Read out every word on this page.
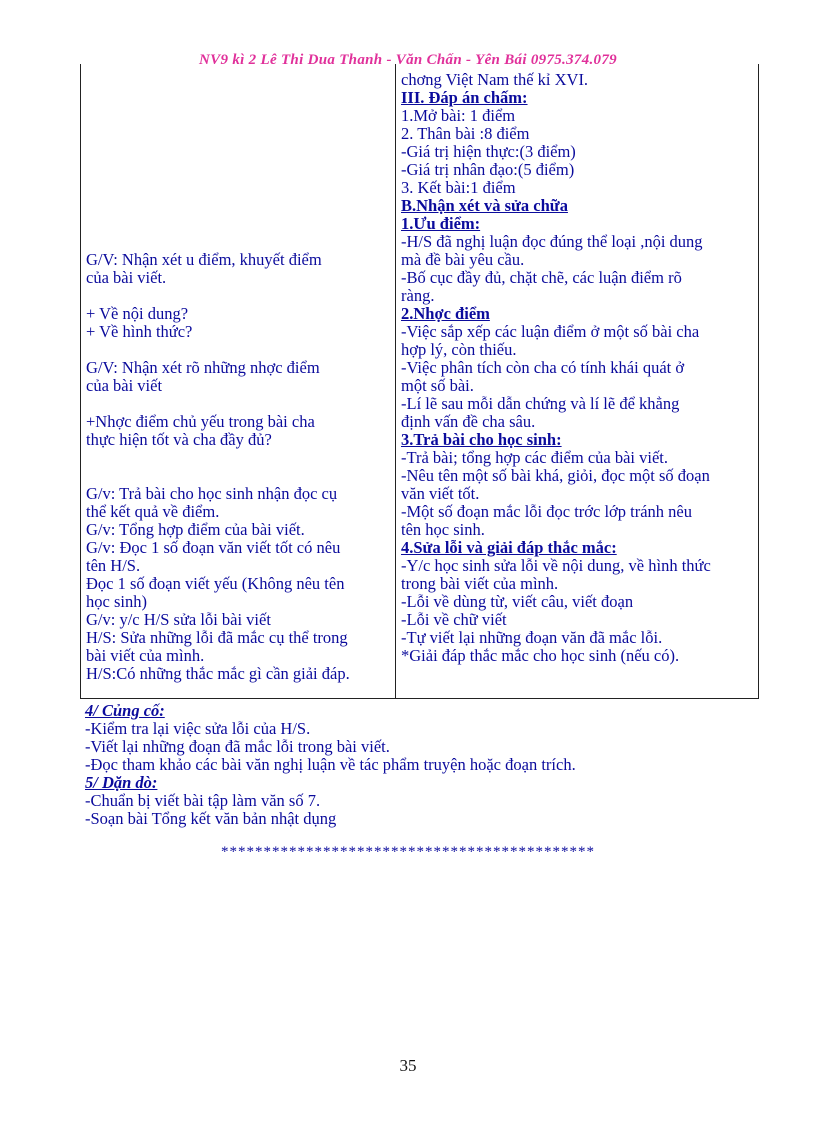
NV9 kì 2 Lê Thi Dua Thanh - Văn Chấn - Yên Bái 0975.374.079
G/V: Nhận xét u điểm, khuyết điểm
của bài viết.
+ Về nội dung?
+ Về hình thức?
G/V: Nhận xét rõ những nhợc điểm
của bài viết
+Nhợc điểm chủ yếu trong bài cha
thực hiện tốt và cha đầy đủ?
G/v: Trả bài cho học sinh nhận đọc cụ
thể kết quả về điểm.
G/v: Tổng hợp điểm của bài viết.
G/v: Đọc 1 số đoạn văn viết tốt có nêu
tên H/S.
Đọc 1 số đoạn viết yếu (Không nêu tên
học sinh)
G/v: y/c H/S sửa lỗi bài viết
H/S: Sửa những lỗi đã mắc cụ thể trong
bài viết của mình.
H/S:Có những thắc mắc gì cần giải đáp.
chơng Việt Nam thế kỉ XVI.
III. Đáp án chấm:
1.Mở bài: 1 điểm
2. Thân bài :8 điểm
-Giá trị hiện thực:(3 điểm)
-Giá trị nhân đạo:(5 điểm)
3. Kết bài:1 điểm
B.Nhận xét và sửa chữa
1.Ưu điểm:
-H/S đã nghị luận đọc đúng thể loại ,nội dung
mà đề bài yêu cầu.
-Bố cục đầy đủ, chặt chẽ, các luận điểm rõ
ràng.
2.Nhợc điểm
-Việc sắp xếp các luận điểm ở một số bài cha
hợp lý, còn thiếu.
-Việc phân tích còn cha có tính khái quát ở
một số bài.
-Lí lẽ sau mỗi dẫn chứng và lí lẽ để khẳng
định vấn đề cha sâu.
3.Trả bài cho học sinh:
-Trả bài; tổng hợp các điểm của bài viết.
-Nêu tên một số bài khá, giỏi, đọc một số đoạn
văn viết tốt.
-Một số đoạn mắc lỗi đọc trớc lớp tránh nêu
tên học sinh.
4.Sửa lỗi và giải đáp thắc mắc:
-Y/c học sinh sửa lỗi về nội dung, về hình thức
trong bài viết của mình.
-Lỗi về dùng từ, viết câu, viết đoạn
-Lỗi về chữ viết
-Tự viết lại những đoạn văn đã mắc lỗi.
*Giải đáp thắc mắc cho học sinh (nếu có).
4/ Củng cố:
-Kiểm tra lại việc sửa lỗi của H/S.
-Viết lại những đoạn đã mắc lỗi trong bài viết.
-Đọc tham khảo các bài văn nghị luận về tác phẩm truyện hoặc đoạn trích.
5/ Dặn dò:
-Chuẩn bị viết bài tập làm văn số 7.
-Soạn bài Tổng kết văn bản nhật dụng
********************************************
35
